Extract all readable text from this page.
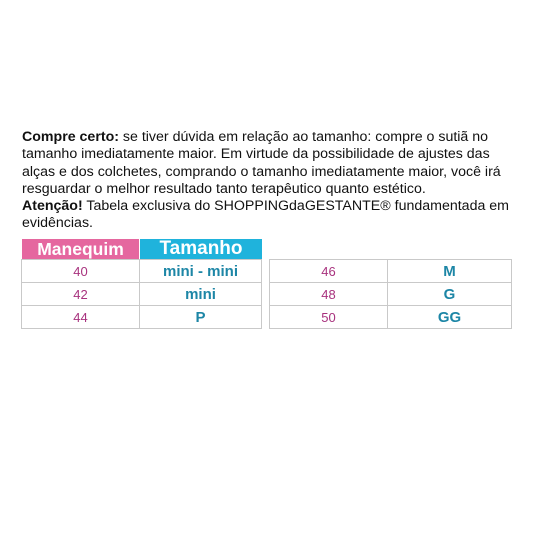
Compre certo: se tiver dúvida em relação ao tamanho: compre o sutiã no tamanho imediatamente maior. Em virtude da possibilidade de ajustes das alças e dos colchetes, comprando o tamanho imediatamente maior, você irá resguardar o melhor resultado tanto terapêutico quanto estético.

Atenção! Tabela exclusiva do SHOPPINGdaGESTANTE® fundamentada em evidências.

Manequim	Tamanho
40	mini - mini
42	mini
44	P
46	M
48	G
50	GG
